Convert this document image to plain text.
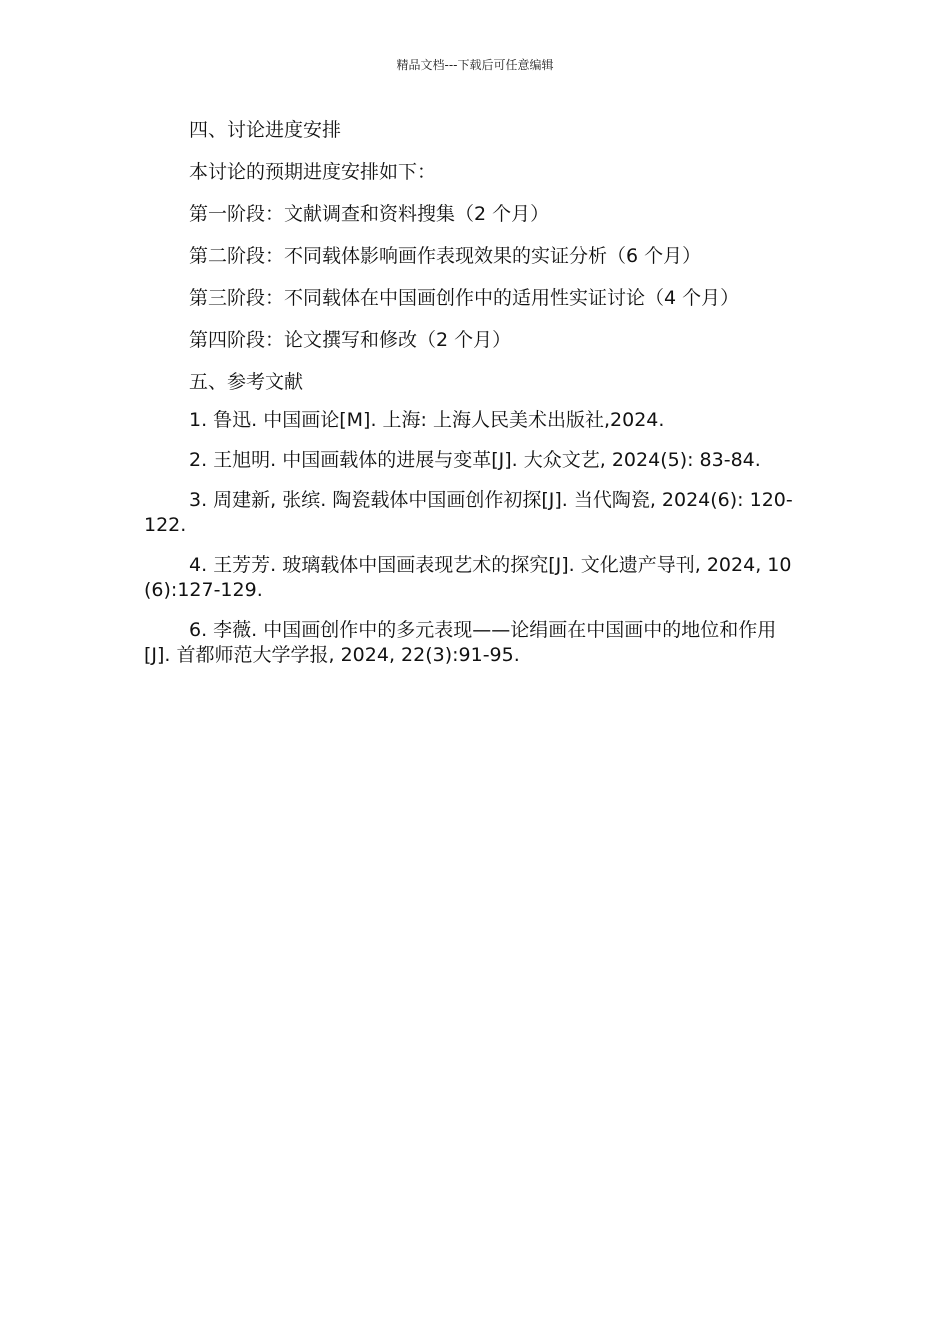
精品文档---下载后可任意编辑

四、讨论进度安排

本讨论的预期进度安排如下：

第一阶段：文献调查和资料搜集（2 个月）

第二阶段：不同载体影响画作表现效果的实证分析（6 个月）

第三阶段：不同载体在中国画创作中的适用性实证讨论（4 个月）

第四阶段：论文撰写和修改（2 个月）

五、参考文献

1. 鲁迅. 中国画论[M]. 上海: 上海人民美术出版社,2024.

2. 王旭明. 中国画载体的进展与变革[J]. 大众文艺, 2024(5): 83-84.

3. 周建新, 张缤. 陶瓷载体中国画创作初探[J]. 当代陶瓷, 2024(6): 120-122.

4. 王芳芳. 玻璃载体中国画表现艺术的探究[J]. 文化遗产导刊, 2024, 10(6):127-129.

6. 李薇. 中国画创作中的多元表现——论绢画在中国画中的地位和作用[J]. 首都师范大学学报, 2024, 22(3):91-95.
